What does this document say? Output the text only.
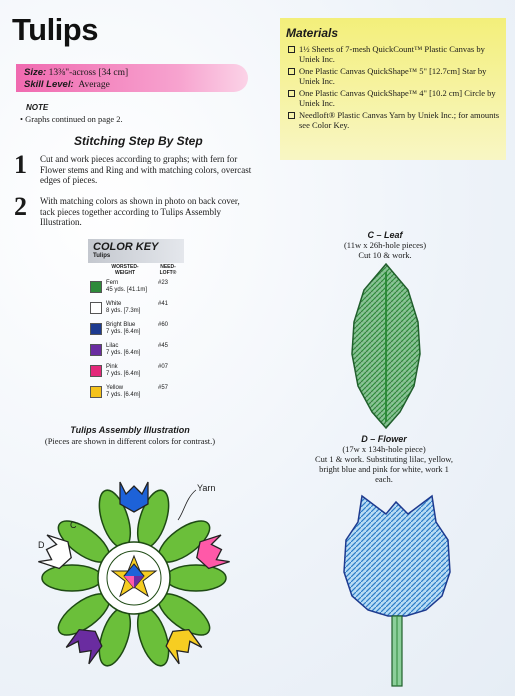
Tulips
Size: 13⅜"-across [34 cm]
Skill Level: Average
NOTE
• Graphs continued on page 2.
Stitching Step By Step
1 Cut and work pieces according to graphs; with fern for Flower stems and Ring and with matching colors, overcast edges of pieces.
2 With matching colors as shown in photo on back cover, tack pieces together according to Tulips Assembly Illustration.
COLOR KEY
Tulips
WORSTED-WEIGHT
NEED-LOFT®
Fern
45 yds. [41.1m]
#23
White
8 yds. [7.3m]
#41
Bright Blue
7 yds. [6.4m]
#60
Lilac
7 yds. [6.4m]
#45
Pink
7 yds. [6.4m]
#07
Yellow
7 yds. [6.4m]
#57
Materials
1½ Sheets of 7-mesh QuickCount™ Plastic Canvas by Uniek Inc.
One Plastic Canvas QuickShape™ 5" [12.7cm] Star by Uniek Inc.
One Plastic Canvas QuickShape™ 4" [10.2 cm] Circle by Uniek Inc.
Needloft® Plastic Canvas Yarn by Uniek Inc.; for amounts see Color Key.
C – Leaf
(11w x 26h-hole pieces)
Cut 10 & work.
D – Flower
(17w x 134h-hole piece)
Cut 1 & work. Substituting lilac, yellow, bright blue and pink for white, work 1 each.
Tulips Assembly Illustration
(Pieces are shown in different colors for contrast.)
Yarn
C
D
